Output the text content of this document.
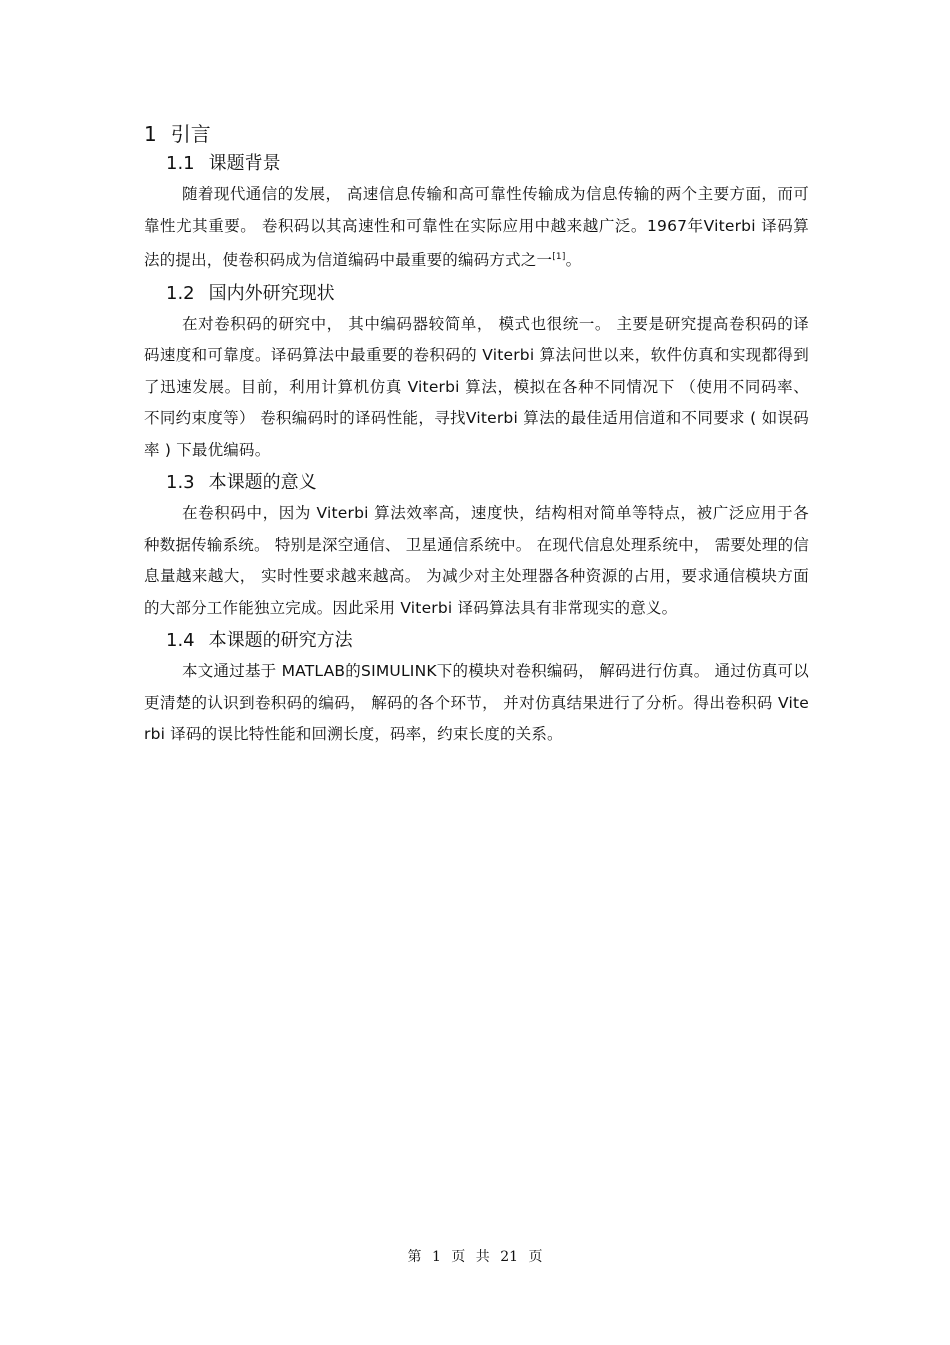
1 引言
1.1 课题背景

随着现代通信的发展， 高速信息传输和高可靠性传输成为信息传输的两个主要方面，而可靠性尤其重要。 卷积码以其高速性和可靠性在实际应用中越来越广泛。1967年Viterbi 译码算法的提出，使卷积码成为信道编码中最重要的编码方式之一[1]。

1.2 国内外研究现状

在对卷积码的研究中， 其中编码器较简单， 模式也很统一。 主要是研究提高卷积码的译码速度和可靠度。译码算法中最重要的卷积码的 Viterbi 算法问世以来，软件仿真和实现都得到了迅速发展。目前，利用计算机仿真 Viterbi 算法，模拟在各种不同情况下 （使用不同码率、 不同约束度等） 卷积编码时的译码性能，寻找Viterbi 算法的最佳适用信道和不同要求 ( 如误码率 ) 下最优编码。

1.3 本课题的意义

在卷积码中，因为 Viterbi 算法效率高，速度快，结构相对简单等特点，被广泛应用于各种数据传输系统。 特别是深空通信、 卫星通信系统中。 在现代信息处理系统中， 需要处理的信息量越来越大， 实时性要求越来越高。 为减少对主处理器各种资源的占用，要求通信模块方面的大部分工作能独立完成。因此采用 Viterbi 译码算法具有非常现实的意义。

1.4 本课题的研究方法

本文通过基于 MATLAB的SIMULINK下的模块对卷积编码， 解码进行仿真。 通过仿真可以更清楚的认识到卷积码的编码， 解码的各个环节， 并对仿真结果进行了分析。得出卷积码 Viterbi 译码的误比特性能和回溯长度，码率，约束长度的关系。

第 1 页 共 21 页
